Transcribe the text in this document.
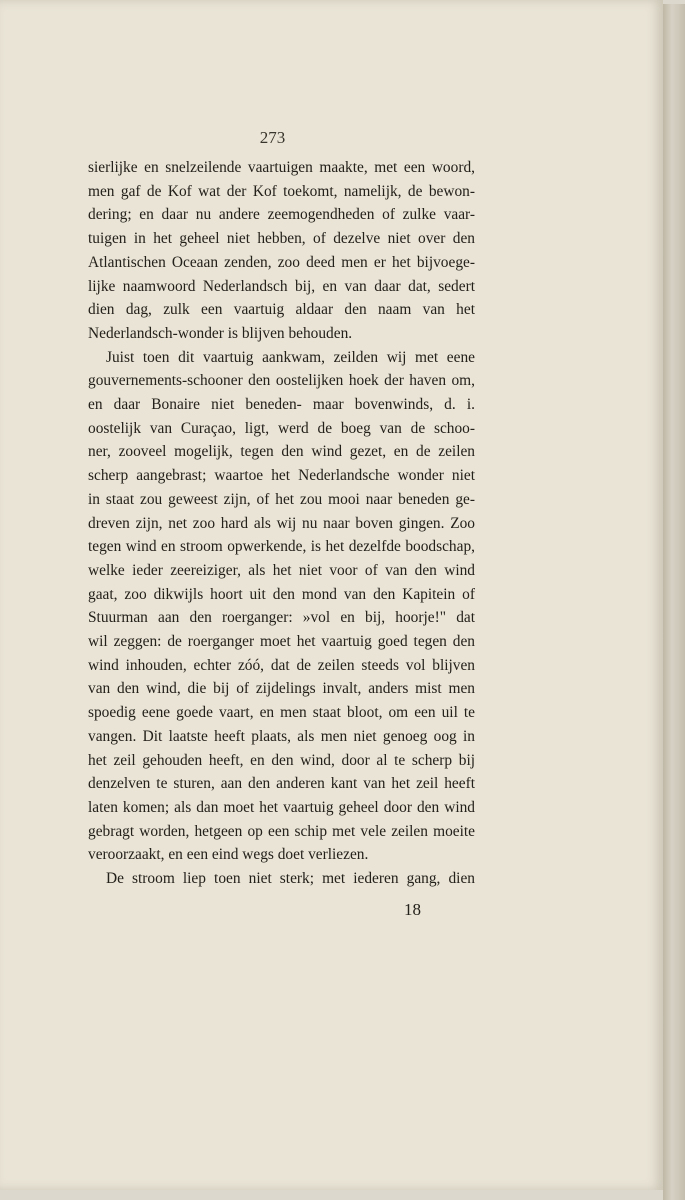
273
sierlijke en snelzeilende vaartuigen maakte, met een woord,
men gaf de Kof wat der Kof toekomt, namelijk, de bewon-
dering; en daar nu andere zeemogendheden of zulke vaar-
tuigen in het geheel niet hebben, of dezelve niet over den
Atlantischen Oceaan zenden, zoo deed men er het bijvoege-
lijke naamwoord Nederlandsch bij, en van daar dat, sedert
dien dag, zulk een vaartuig aldaar den naam van het
Nederlandsch-wonder is blijven behouden.
Juist toen dit vaartuig aankwam, zeilden wij met eene
gouvernements-schooner den oostelijken hoek der haven om,
en daar Bonaire niet beneden- maar bovenwinds, d. i.
oostelijk van Curaçao, ligt, werd de boeg van de schoo-
ner, zooveel mogelijk, tegen den wind gezet, en de zeilen
scherp aangebrast; waartoe het Nederlandsche wonder niet
in staat zou geweest zijn, of het zou mooi naar beneden ge-
dreven zijn, net zoo hard als wij nu naar boven gingen. Zoo
tegen wind en stroom opwerkende, is het dezelfde boodschap,
welke ieder zeereiziger, als het niet voor of van den wind
gaat, zoo dikwijls hoort uit den mond van den Kapitein of
Stuurman aan den roerganger: »vol en bij, hoorje!" dat
wil zeggen: de roerganger moet het vaartuig goed tegen den
wind inhouden, echter zóó, dat de zeilen steeds vol blijven
van den wind, die bij of zijdelings invalt, anders mist men
spoedig eene goede vaart, en men staat bloot, om een uil te
vangen. Dit laatste heeft plaats, als men niet genoeg oog in
het zeil gehouden heeft, en den wind, door al te scherp bij
denzelven te sturen, aan den anderen kant van het zeil heeft
laten komen; als dan moet het vaartuig geheel door den wind
gebragt worden, hetgeen op een schip met vele zeilen moeite
veroorzaakt, en een eind wegs doet verliezen.
De stroom liep toen niet sterk; met iederen gang, dien
18
